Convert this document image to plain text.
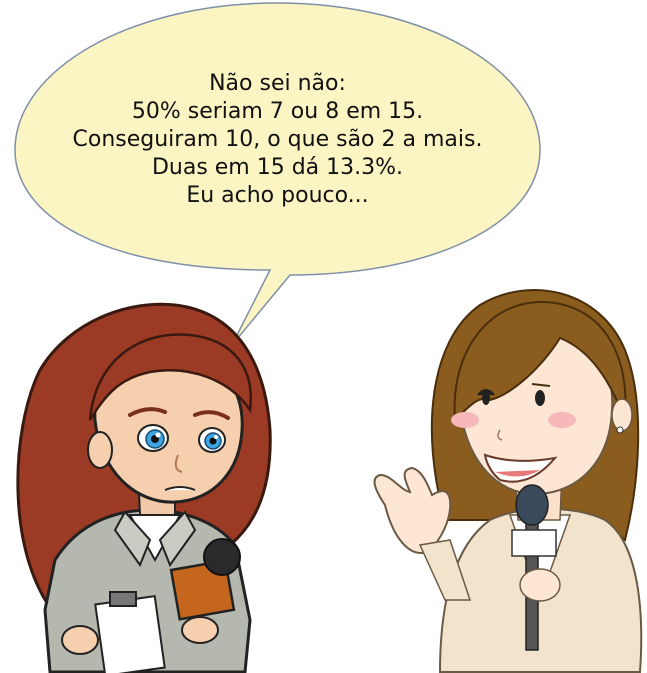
Não sei não:
50% seriam 7 ou 8 em 15.
Conseguiram 10, o que são 2 a mais.
Duas em 15 dá 13.3%.
Eu acho pouco...
